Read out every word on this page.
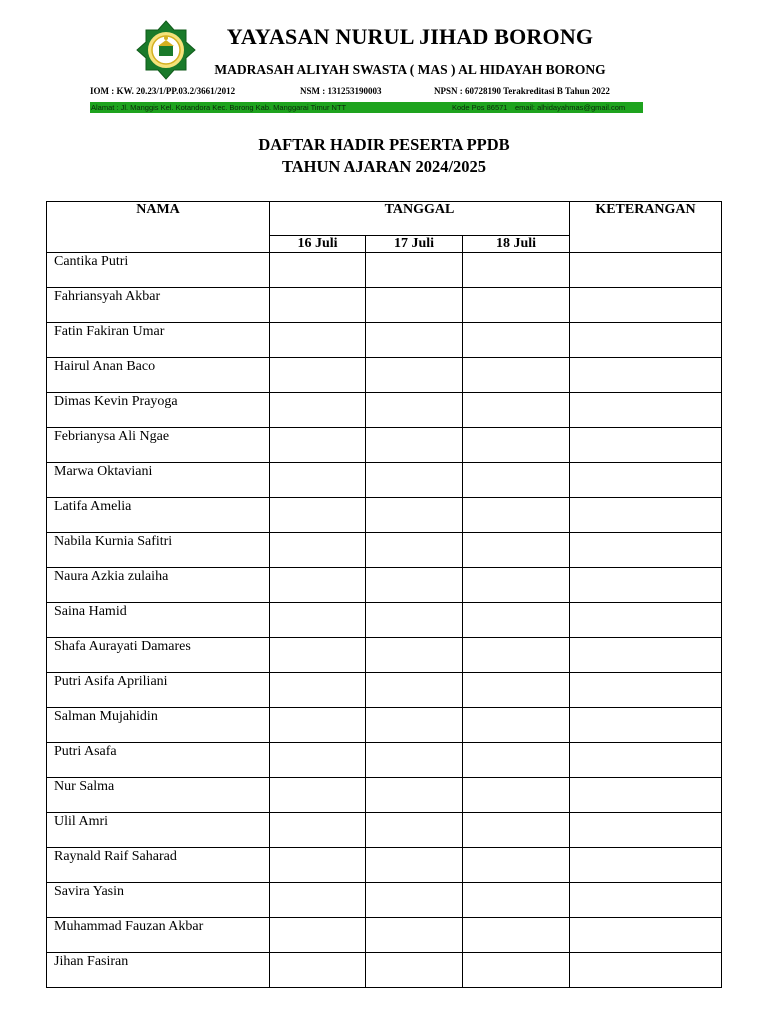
YAYASAN NURUL JIHAD BORONG
MADRASAH ALIYAH SWASTA ( MAS ) AL HIDAYAH BORONG
IOM : KW. 20.23/1/PP.03.2/3661/2012	NSM : 131253190003	NPSN : 60728190 Terakreditasi B Tahun 2022
Alamat : Jl. Manggis Kel. Kotandora Kec. Borong Kab. Manggarai Timur NTT	Kode Pos 86571 email: alhidayahmas@gmail.com
DAFTAR HADIR PESERTA PPDB
TAHUN AJARAN 2024/2025
NAMA	TANGGAL			KETERANGAN
	16 Juli	17 Juli	18 Juli	
Cantika Putri				
Fahriansyah Akbar				
Fatin Fakiran Umar				
Hairul Anan Baco				
Dimas Kevin Prayoga				
Febrianysa Ali Ngae				
Marwa Oktaviani				
Latifa Amelia				
Nabila Kurnia Safitri				
Naura Azkia zulaiha				
Saina Hamid				
Shafa Aurayati Damares				
Putri Asifa Apriliani				
Salman Mujahidin				
Putri Asafa				
Nur Salma				
Ulil Amri				
Raynald Raif Saharad				
Savira Yasin				
Muhammad Fauzan Akbar				
Jihan Fasiran				
